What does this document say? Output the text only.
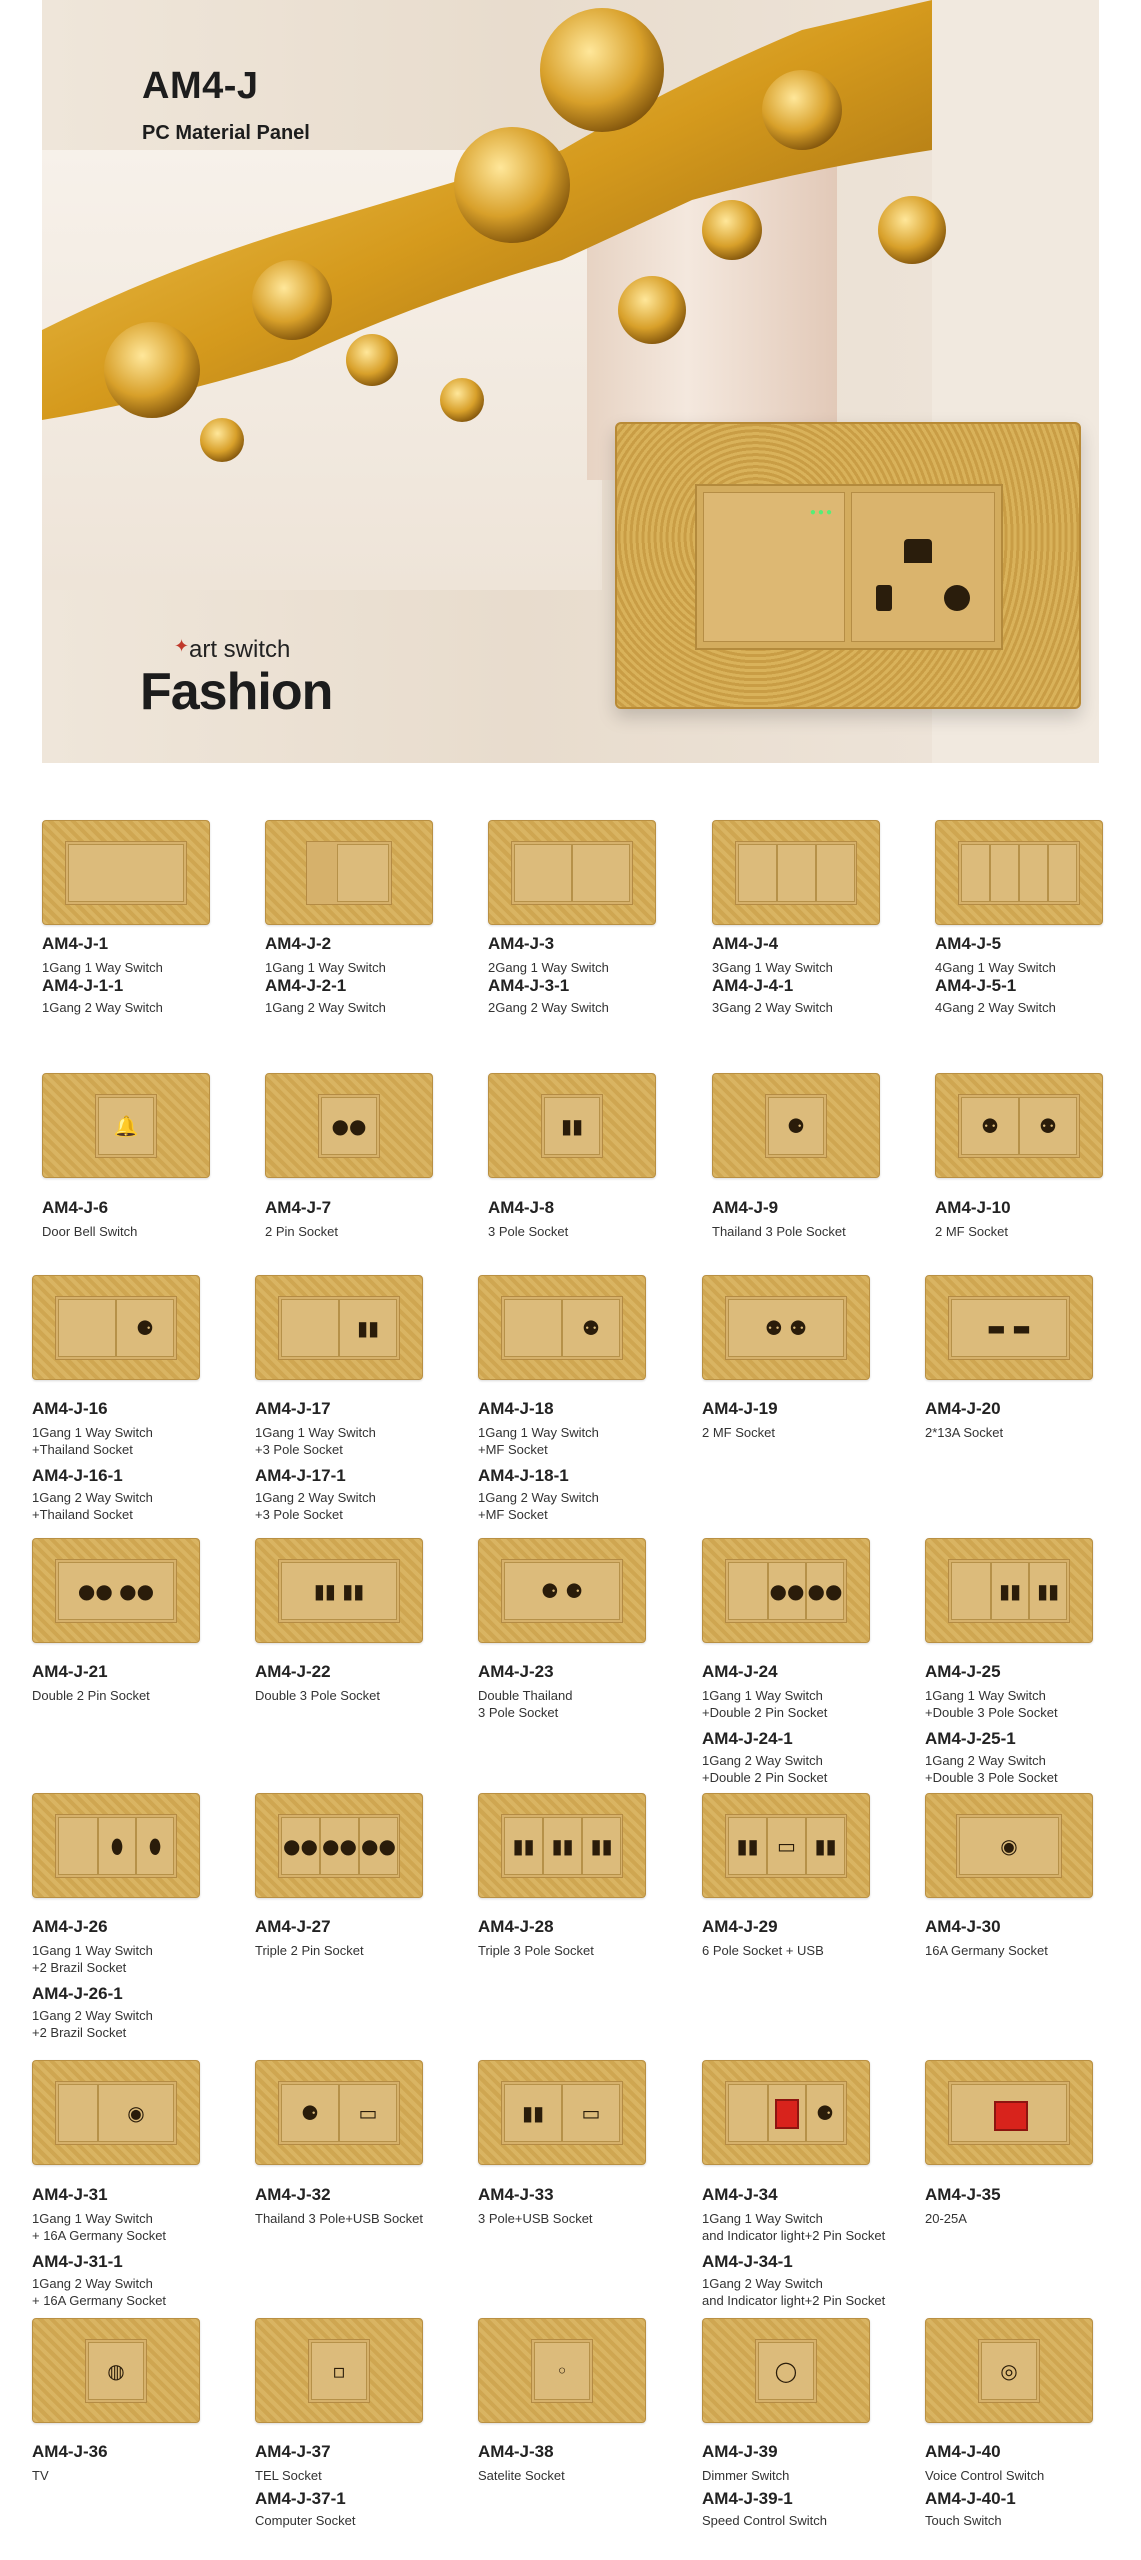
AM4-J
PC Material Panel
✦ art switch
Fashion
●●●
AM4-J-1
1Gang 1 Way Switch
AM4-J-1-1
1Gang 2 Way Switch
AM4-J-2
1Gang 1 Way Switch
AM4-J-2-1
1Gang 2 Way Switch
AM4-J-3
2Gang 1 Way Switch
AM4-J-3-1
2Gang 2 Way Switch
AM4-J-4
3Gang 1 Way Switch
AM4-J-4-1
3Gang 2 Way Switch
AM4-J-5
4Gang 1 Way Switch
AM4-J-5-1
4Gang 2 Way Switch
🔔
AM4-J-6
Door Bell Switch
●●
AM4-J-7
2 Pin Socket
▮▮
AM4-J-8
3 Pole Socket
⚈
AM4-J-9
Thailand 3 Pole Socket
⚉	⚉
AM4-J-10
2 MF Socket
⚈
AM4-J-16
1Gang 1 Way Switch
+Thailand Socket
AM4-J-16-1
1Gang 2 Way Switch
+Thailand Socket
▮▮
AM4-J-17
1Gang 1 Way Switch
+3 Pole Socket
AM4-J-17-1
1Gang 2 Way Switch
+3 Pole Socket
⚉
AM4-J-18
1Gang 1 Way Switch
+MF Socket
AM4-J-18-1
1Gang 2 Way Switch
+MF Socket
⚉ ⚉
AM4-J-19
2 MF Socket
▬ ▬
AM4-J-20
2*13A Socket
●● ●●
AM4-J-21
Double 2 Pin Socket
▮▮ ▮▮
AM4-J-22
Double 3 Pole Socket
⚈ ⚈
AM4-J-23
Double Thailand
3 Pole Socket
●● ●●
AM4-J-24
1Gang 1 Way Switch
+Double 2 Pin Socket
AM4-J-24-1
1Gang 2 Way Switch
+Double 2 Pin Socket
▮▮ ▮▮
AM4-J-25
1Gang 1 Way Switch
+Double 3 Pole Socket
AM4-J-25-1
1Gang 2 Way Switch
+Double 3 Pole Socket
⬮	⬮
AM4-J-26
1Gang 1 Way Switch
+2 Brazil Socket
AM4-J-26-1
1Gang 2 Way Switch
+2 Brazil Socket
●● ●● ●●
AM4-J-27
Triple 2 Pin Socket
▮▮ ▮▮ ▮▮
AM4-J-28
Triple 3 Pole Socket
▮▮ ▭ ▮▮
AM4-J-29
6 Pole Socket + USB
◉
AM4-J-30
16A Germany Socket
◉
AM4-J-31
1Gang 1 Way Switch
+ 16A Germany Socket
AM4-J-31-1
1Gang 2 Way Switch
+ 16A Germany Socket
⚈	▭
AM4-J-32
Thailand 3 Pole+USB Socket
▮▮	▭
AM4-J-33
3 Pole+USB Socket
⚈
AM4-J-34
1Gang 1 Way Switch
and Indicator light+2 Pin Socket
AM4-J-34-1
1Gang 2 Way Switch
and Indicator light+2 Pin Socket
AM4-J-35
20-25A
◍
AM4-J-36
TV
▫
AM4-J-37
TEL Socket
AM4-J-37-1
Computer Socket
◦
AM4-J-38
Satelite Socket
◯
AM4-J-39
Dimmer Switch
AM4-J-39-1
Speed Control Switch
◎
AM4-J-40
Voice Control Switch
AM4-J-40-1
Touch Switch
